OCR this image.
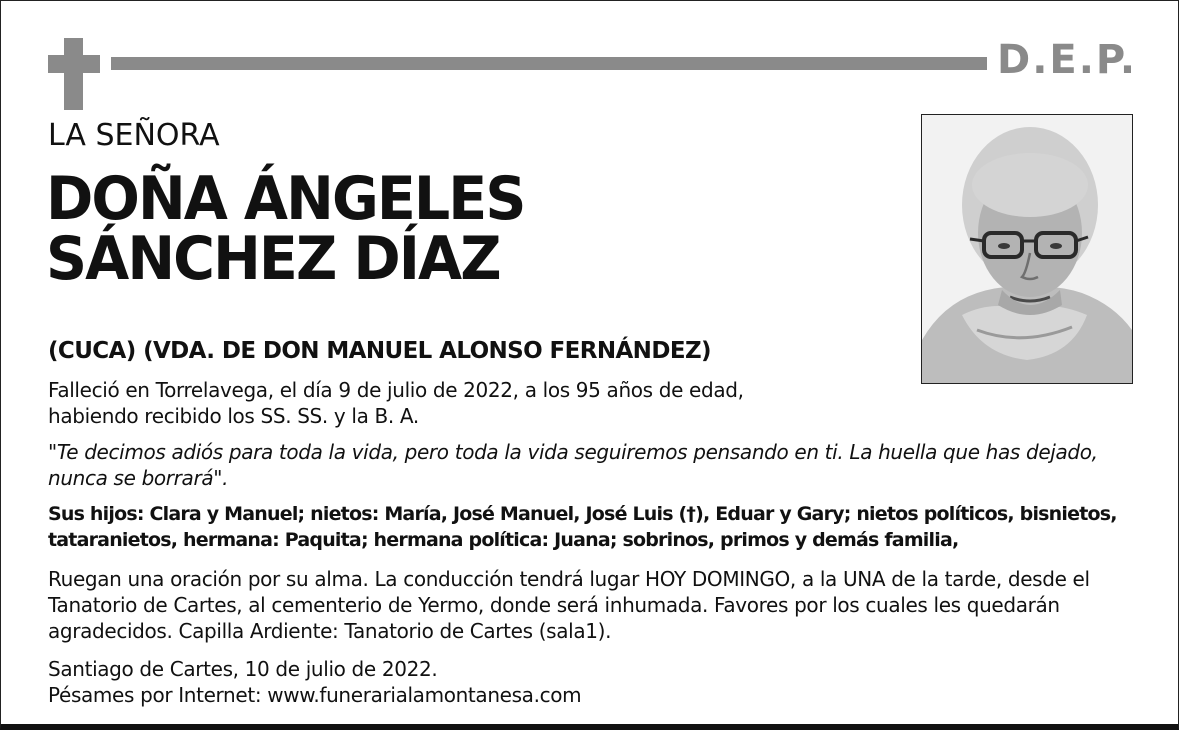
D.E.P.
LA SEÑORA
DOÑA ÁNGELES
SÁNCHEZ DÍAZ
(CUCA) (VDA. DE DON MANUEL ALONSO FERNÁNDEZ)
Falleció en Torrelavega, el día 9 de julio de 2022, a los 95 años de edad,
habiendo recibido los SS. SS. y la B. A.
"Te decimos adiós para toda la vida, pero toda la vida seguiremos pensando en ti. La huella que has dejado,
nunca se borrará".
Sus hijos: Clara y Manuel; nietos: María, José Manuel, José Luis (†), Eduar y Gary; nietos políticos, bisnietos,
tataranietos, hermana: Paquita; hermana política: Juana; sobrinos, primos y demás familia,
Ruegan una oración por su alma. La conducción tendrá lugar HOY DOMINGO, a la UNA de la tarde, desde el
Tanatorio de Cartes, al cementerio de Yermo, donde será inhumada. Favores por los cuales les quedarán
agradecidos. Capilla Ardiente: Tanatorio de Cartes (sala1).
Santiago de Cartes, 10 de julio de 2022.
Pésames por Internet: www.funerarialamontanesa.com
